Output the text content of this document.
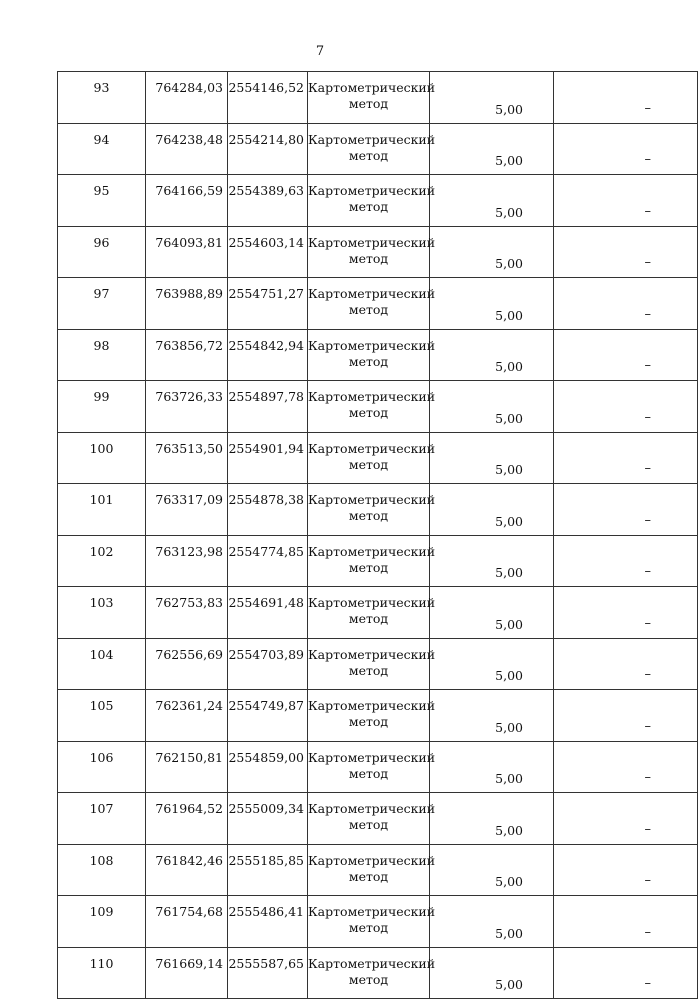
7
93	764284,03	2554146,52	Картометрический
метод	5,00	–

94	764238,48	2554214,80	Картометрический
метод	5,00	–

95	764166,59	2554389,63	Картометрический
метод	5,00	–

96	764093,81	2554603,14	Картометрический
метод	5,00	–

97	763988,89	2554751,27	Картометрический
метод	5,00	–

98	763856,72	2554842,94	Картометрический
метод	5,00	–

99	763726,33	2554897,78	Картометрический
метод	5,00	–

100	763513,50	2554901,94	Картометрический
метод	5,00	–

101	763317,09	2554878,38	Картометрический
метод	5,00	–

102	763123,98	2554774,85	Картометрический
метод	5,00	–

103	762753,83	2554691,48	Картометрический
метод	5,00	–

104	762556,69	2554703,89	Картометрический
метод	5,00	–

105	762361,24	2554749,87	Картометрический
метод	5,00	–

106	762150,81	2554859,00	Картометрический
метод	5,00	–

107	761964,52	2555009,34	Картометрический
метод	5,00	–

108	761842,46	2555185,85	Картометрический
метод	5,00	–

109	761754,68	2555486,41	Картометрический
метод	5,00	–

110	761669,14	2555587,65	Картометрический
метод	5,00	–
